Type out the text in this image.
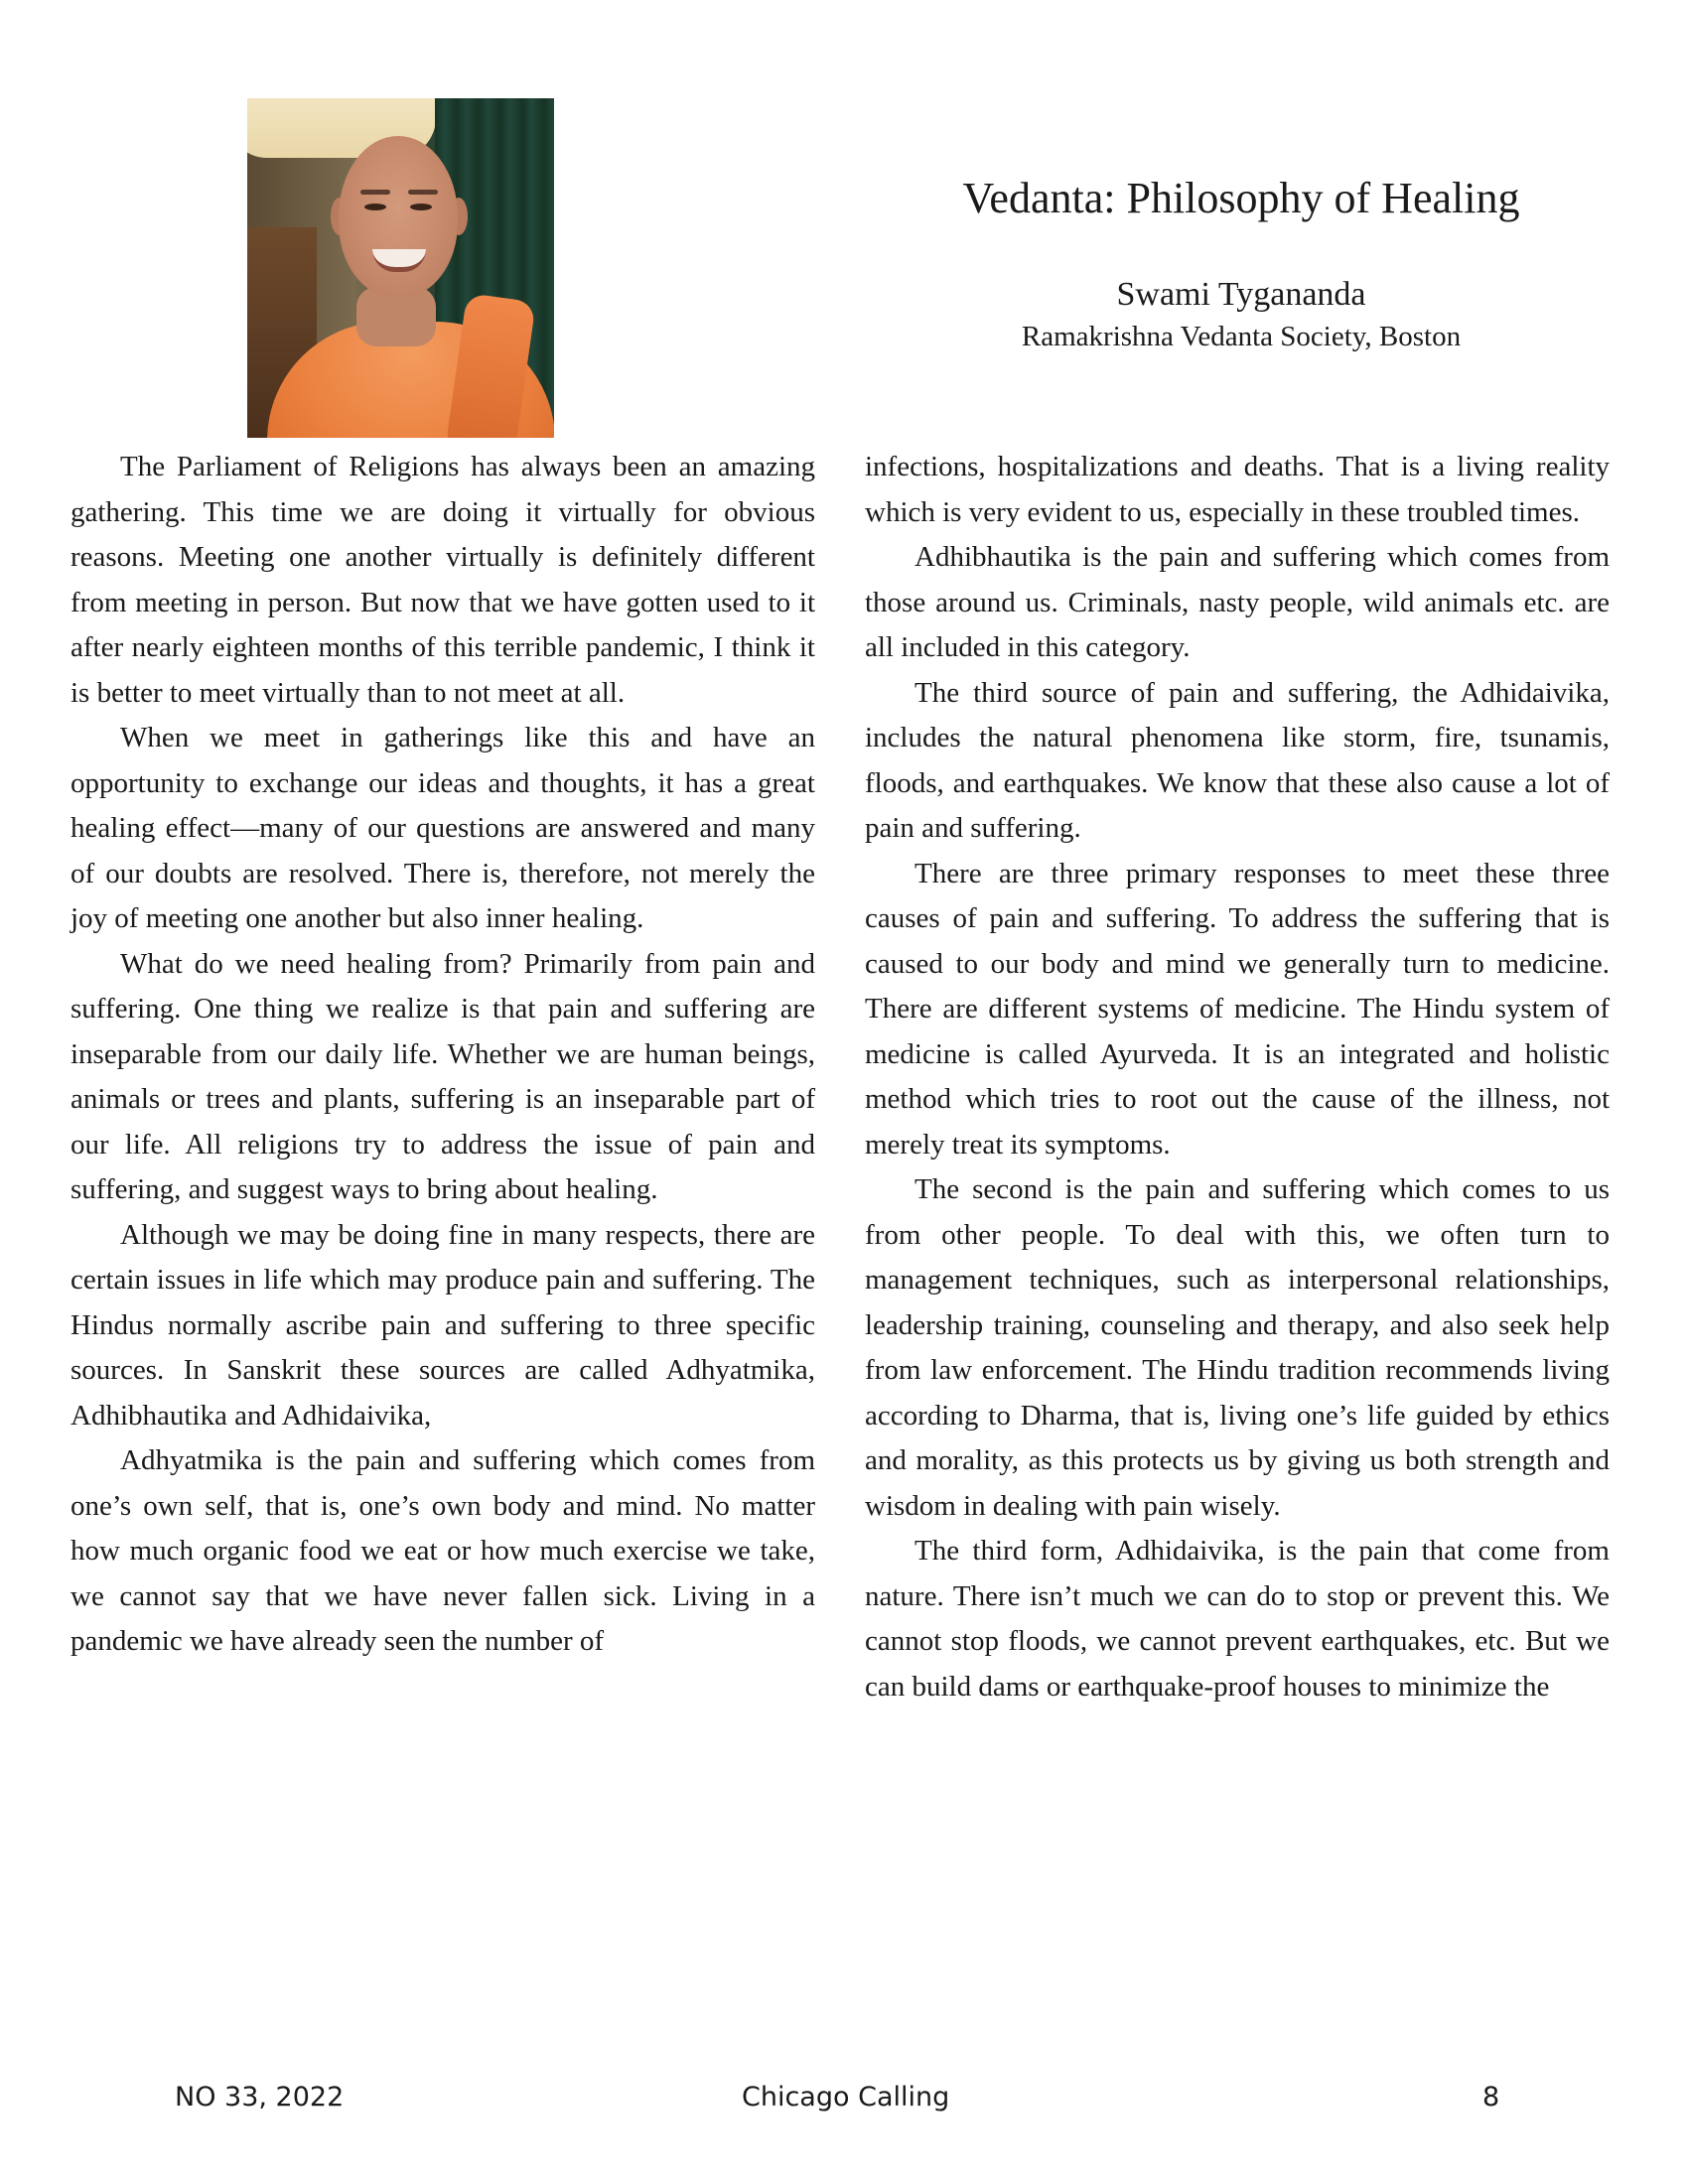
Vedanta: Philosophy of Healing
Swami Tygananda
Ramakrishna Vedanta Society, Boston

The Parliament of Religions has always been an amazing gathering. This time we are doing it virtually for obvious reasons. Meeting one another virtually is definitely different from meeting in person. But now that we have gotten used to it after nearly eighteen months of this terrible pandemic, I think it is better to meet virtually than to not meet at all.

When we meet in gatherings like this and have an opportunity to exchange our ideas and thoughts, it has a great healing effect—many of our questions are answered and many of our doubts are resolved. There is, therefore, not merely the joy of meeting one another but also inner healing.

What do we need healing from? Primarily from pain and suffering. One thing we realize is that pain and suffering are inseparable from our daily life. Whether we are human beings, animals or trees and plants, suffering is an inseparable part of our life. All religions try to address the issue of pain and suffering, and suggest ways to bring about healing.

Although we may be doing fine in many respects, there are certain issues in life which may produce pain and suffering. The Hindus normally ascribe pain and suffering to three specific sources. In Sanskrit these sources are called Adhyatmika, Adhibhautika and Adhidaivika,

Adhyatmika is the pain and suffering which comes from one’s own self, that is, one’s own body and mind. No matter how much organic food we eat or how much exercise we take, we cannot say that we have never fallen sick. Living in a pandemic we have already seen the number of

infections, hospitalizations and deaths. That is a living reality which is very evident to us, especially in these troubled times.

Adhibhautika is the pain and suffering which comes from those around us. Criminals, nasty people, wild animals etc. are all included in this category.

The third source of pain and suffering, the Adhidaivika, includes the natural phenomena like storm, fire, tsunamis, floods, and earthquakes. We know that these also cause a lot of pain and suffering.

There are three primary responses to meet these three causes of pain and suffering. To address the suffering that is caused to our body and mind we generally turn to medicine. There are different systems of medicine. The Hindu system of medicine is called Ayurveda. It is an integrated and holistic method which tries to root out the cause of the illness, not merely treat its symptoms.

The second is the pain and suffering which comes to us from other people. To deal with this, we often turn to management techniques, such as interpersonal relationships, leadership training, counseling and therapy, and also seek help from law enforcement. The Hindu tradition recommends living according to Dharma, that is, living one’s life guided by ethics and morality, as this protects us by giving us both strength and wisdom in dealing with pain wisely.

The third form, Adhidaivika, is the pain that come from nature. There isn’t much we can do to stop or prevent this. We cannot stop floods, we cannot prevent earthquakes, etc. But we can build dams or earthquake-proof houses to minimize the

NO 33, 2022	Chicago Calling	8
